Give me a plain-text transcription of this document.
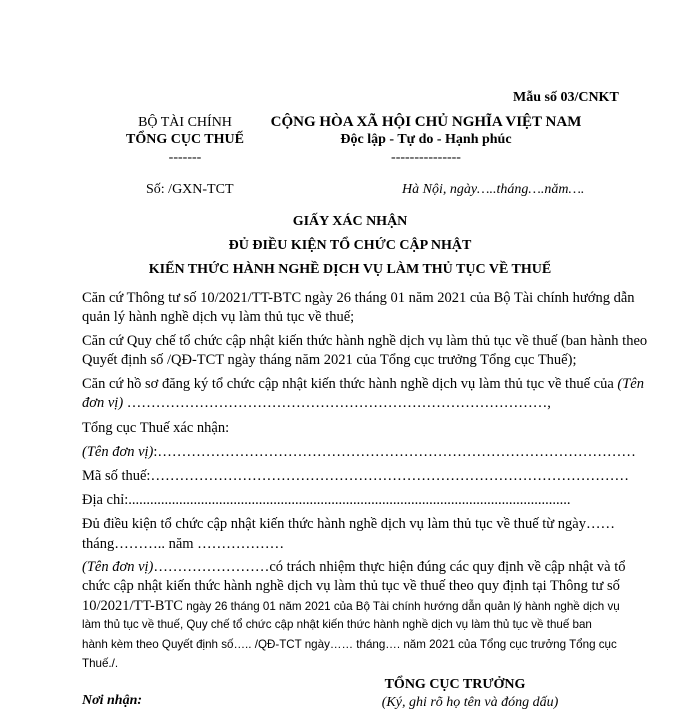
Mẫu số 03/CNKT
BỘ TÀI CHÍNH
TỔNG CỤC THUẾ
-------
Số: /GXN-TCT
CỘNG HÒA XÃ HỘI CHỦ NGHĨA VIỆT NAM
Độc lập - Tự do - Hạnh phúc
---------------
Hà Nội, ngày…..tháng….năm….
GIẤY XÁC NHẬN
ĐỦ ĐIỀU KIỆN TỔ CHỨC CẬP NHẬT
KIẾN THỨC HÀNH NGHỀ DỊCH VỤ LÀM THỦ TỤC VỀ THUẾ
Căn cứ Thông tư số 10/2021/TT-BTC ngày 26 tháng 01 năm 2021 của Bộ Tài chính hướng dẫn
quản lý hành nghề dịch vụ làm thủ tục về thuế;
Căn cứ Quy chế tổ chức cập nhật kiến thức hành nghề dịch vụ làm thủ tục về thuế (ban hành theo
Quyết định số /QĐ-TCT ngày tháng năm 2021 của Tổng cục trưởng Tổng cục Thuế);
Căn cứ hồ sơ đăng ký tổ chức cập nhật kiến thức hành nghề dịch vụ làm thủ tục về thuế của (Tên
đơn vị) ……………………………………………………………………………,
Tổng cục Thuế xác nhận:
(Tên đơn vị):………………………………………………………………………………………
Mã số thuế:………………………………………………………………………………………
Địa chỉ:..........................................................................................................................
Đủ điều kiện tổ chức cập nhật kiến thức hành nghề dịch vụ làm thủ tục về thuế từ ngày……
tháng……….. năm ………………
(Tên đơn vị)……………………có trách nhiệm thực hiện đúng các quy định về cập nhật và tổ
chức cập nhật kiến thức hành nghề dịch vụ làm thủ tục về thuế theo quy định tại Thông tư số
10/2021/TT-BTC ngày 26 tháng 01 năm 2021 của Bộ Tài chính hướng dẫn quản lý hành nghề dịch vụ
làm thủ tục về thuế, Quy chế tổ chức cập nhật kiến thức hành nghề dịch vụ làm thủ tục về thuế ban
hành kèm theo Quyết định số….. /QĐ-TCT ngày…… tháng…. năm 2021 của Tổng cục trưởng Tổng cục
Thuế./.
TỔNG CỤC TRƯỞNG
(Ký, ghi rõ họ tên và đóng dấu)
Nơi nhận:
